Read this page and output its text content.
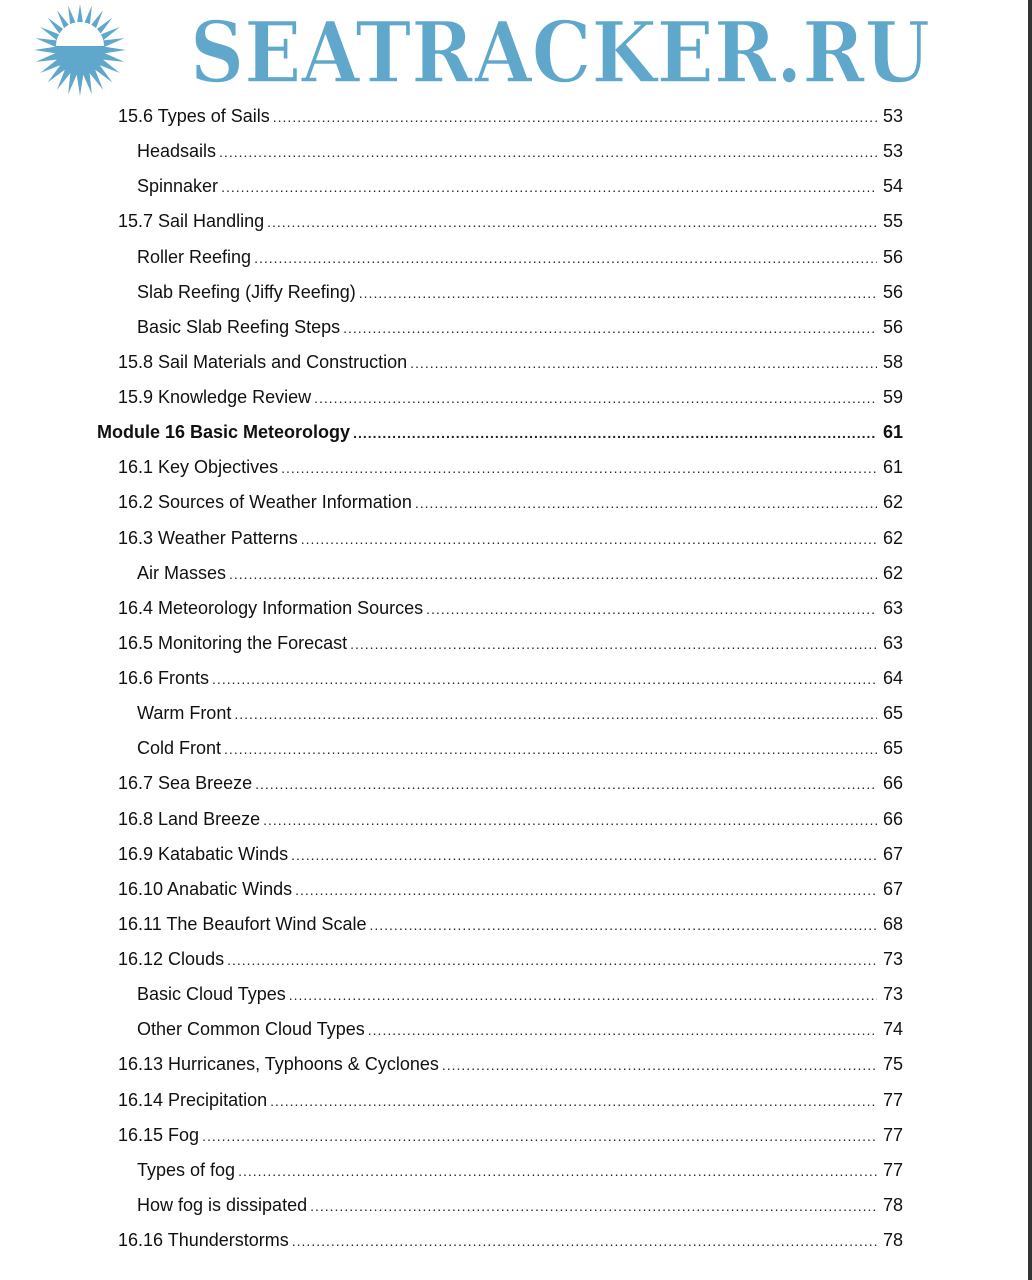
15.6 Types of Sails .....	53
Headsails .....	53
Spinnaker .....	54
15.7 Sail Handling .....	55
Roller Reefing .....	56
Slab Reefing (Jiffy Reefing) .....	56
Basic Slab Reefing Steps .....	56
15.8 Sail Materials and Construction .....	58
15.9 Knowledge Review .....	59
Module 16 Basic Meteorology .....	61
16.1 Key Objectives .....	61
16.2 Sources of Weather Information .....	62
16.3 Weather Patterns .....	62
Air Masses .....	62
16.4 Meteorology Information Sources .....	63
16.5 Monitoring the Forecast .....	63
16.6 Fronts .....	64
Warm Front .....	65
Cold Front .....	65
16.7 Sea Breeze .....	66
16.8 Land Breeze .....	66
16.9 Katabatic Winds .....	67
16.10 Anabatic Winds .....	67
16.11 The Beaufort Wind Scale .....	68
16.12 Clouds .....	73
Basic Cloud Types .....	73
Other Common Cloud Types .....	74
16.13 Hurricanes, Typhoons & Cyclones .....	75
16.14 Precipitation .....	77
16.15 Fog .....	77
Types of fog .....	77
How fog is dissipated .....	78
16.16 Thunderstorms .....	78
SEATRACKER.RU
